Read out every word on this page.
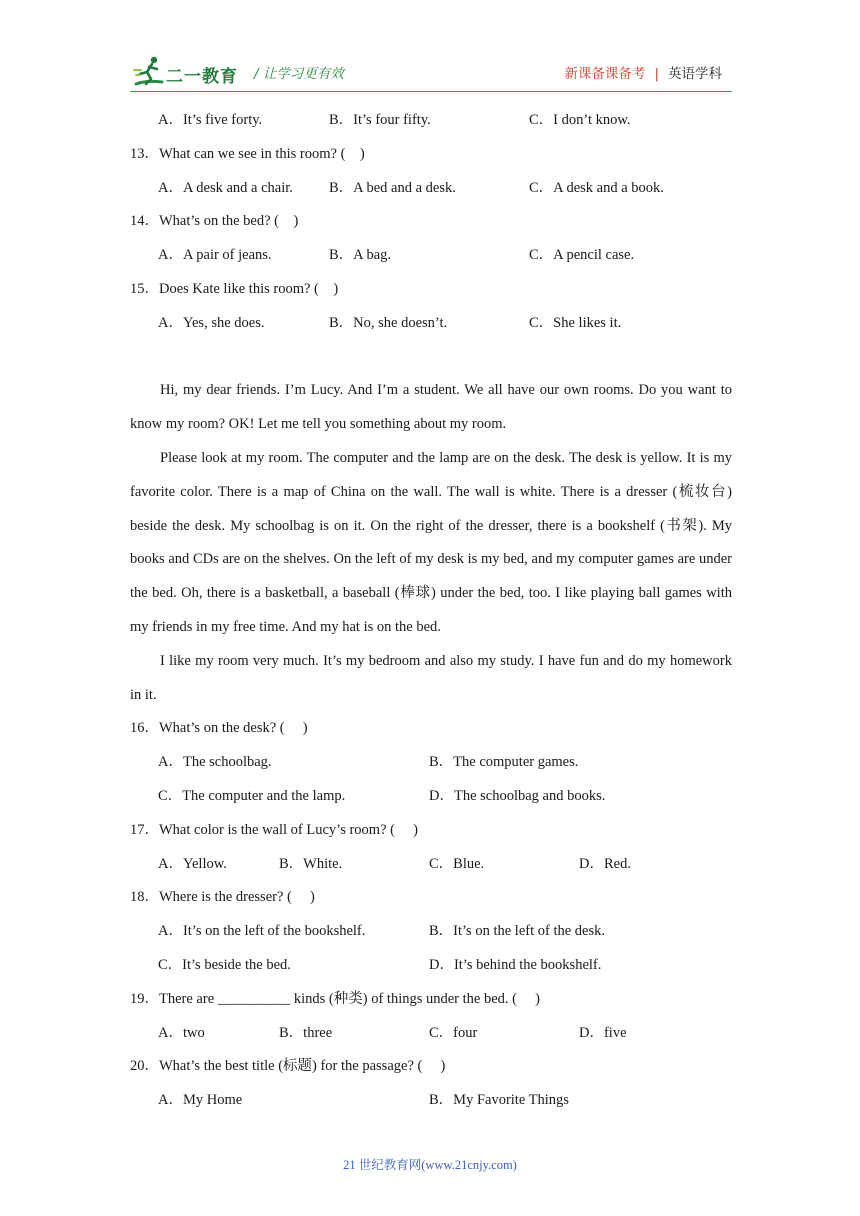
二一教育 / 让学习更有效	新课备课备考 | 英语学科
A．It’s five forty.	B．It’s four fifty.	C．I don’t know.
13．What can we see in this room? (　)
A．A desk and a chair. B．A bed and a desk.	C．A desk and a book.
14．What’s on the bed? (　)
A．A pair of jeans.	B．A bag.	C．A pencil case.
15．Does Kate like this room? (　)
A．Yes, she does.	B．No, she doesn’t.	C．She likes it.

Hi, my dear friends. I’m Lucy. And I’m a student. We all have our own rooms. Do you want to know my room? OK! Let me tell you something about my room.

Please look at my room. The computer and the lamp are on the desk. The desk is yellow. It is my favorite color. There is a map of China on the wall. The wall is white. There is a dresser (梳妆台) beside the desk. My schoolbag is on it. On the right of the dresser, there is a bookshelf (书架). My books and CDs are on the shelves. On the left of my desk is my bed, and my computer games are under the bed. Oh, there is a basketball, a baseball (棒球) under the bed, too. I like playing ball games with my friends in my free time. And my hat is on the bed.

I like my room very much. It’s my bedroom and also my study. I have fun and do my homework in it.

16．What’s on the desk? (　 )
A．The schoolbag.	B．The computer games.
C．The computer and the lamp.	D．The schoolbag and books.
17．What color is the wall of Lucy’s room? (　 )
A．Yellow.	B．White.	C．Blue.	D．Red.
18．Where is the dresser? (　 )
A．It’s on the left of the bookshelf.	B．It’s on the left of the desk.
C．It’s beside the bed.	D．It’s behind the bookshelf.
19．There are __________ kinds (种类) of things under the bed. (　 )
A．two	B．three	C．four	D．five
20．What’s the best title (标题) for the passage? (　 )
A．My Home	B．My Favorite Things
21 世纪教育网(www.21cnjy.com)
